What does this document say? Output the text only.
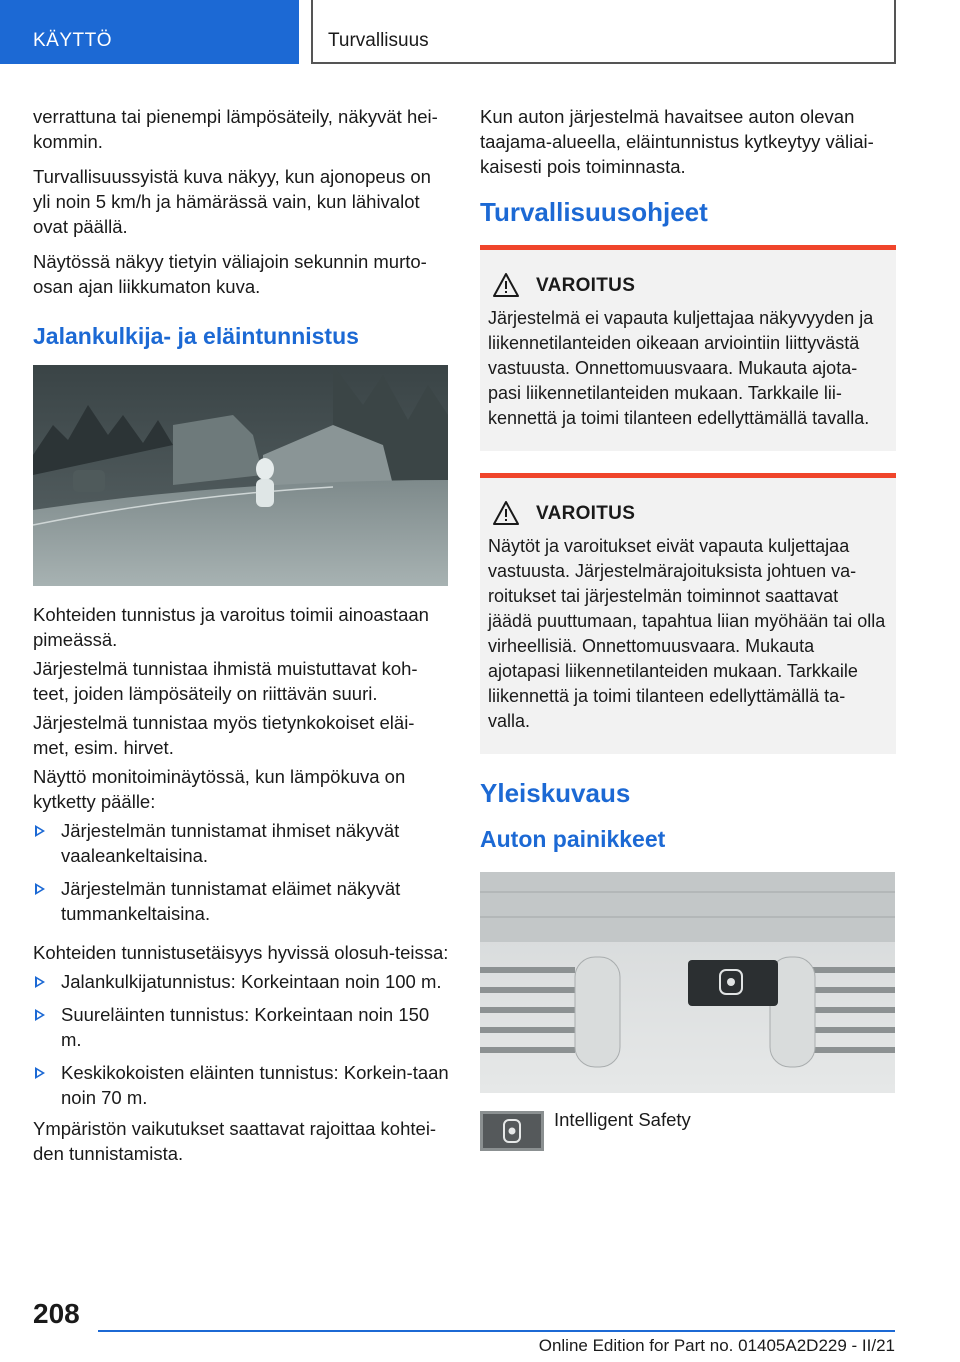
KÄYTTÖ	Turvallisuus

verrattuna tai pienempi lämpösäteily, näkyvät hei-kommin.

Turvallisuussyistä kuva näkyy, kun ajonopeus on yli noin 5 km/h ja hämärässä vain, kun lähivalot ovat päällä.

Näytössä näkyy tietyin väliajoin sekunnin murto-osan ajan liikkumaton kuva.

Jalankulkija- ja eläintunnistus

Kohteiden tunnistus ja varoitus toimii ainoastaan pimeässä.

Järjestelmä tunnistaa ihmistä muistuttavat koh-teet, joiden lämpösäteily on riittävän suuri.

Järjestelmä tunnistaa myös tietynkokoiset eläi-met, esim. hirvet.

Näyttö monitoiminäytössä, kun lämpökuva on kytketty päälle:

Järjestelmän tunnistamat ihmiset näkyvät vaaleankeltaisina.
Järjestelmän tunnistamat eläimet näkyvät tummankeltaisina.

Kohteiden tunnistusetäisyys hyvissä olosuh-teissa:

Jalankulkijatunnistus: Korkeintaan noin 100 m.
Suureläinten tunnistus: Korkeintaan noin 150 m.
Keskikokoisten eläinten tunnistus: Korkein-taan noin 70 m.

Ympäristön vaikutukset saattavat rajoittaa kohtei-den tunnistamista.

Kun auton järjestelmä havaitsee auton olevan taajama-alueella, eläintunnistus kytkeytyy väliai-kaisesti pois toiminnasta.

Turvallisuusohjeet
VAROITUS

Järjestelmä ei vapauta kuljettajaa näkyvyyden ja liikennetilanteiden oikeaan arviointiin liittyvästä vastuusta. Onnettomuusvaara. Mukauta ajota-pasi liikennetilanteiden mukaan. Tarkkaile lii-kennettä ja toimi tilanteen edellyttämällä tavalla.

VAROITUS

Näytöt ja varoitukset eivät vapauta kuljettajaa vastuusta. Järjestelmärajoituksista johtuen va-roitukset tai järjestelmän toiminnot saattavat jäädä puuttumaan, tapahtua liian myöhään tai olla virheellisiä. Onnettomuusvaara. Mukauta ajotapasi liikennetilanteiden mukaan. Tarkkaile liikennettä ja toimi tilanteen edellyttämällä ta-valla.

Yleiskuvaus
Auton painikkeet
Intelligent Safety
208
Online Edition for Part no. 01405A2D229 - II/21
